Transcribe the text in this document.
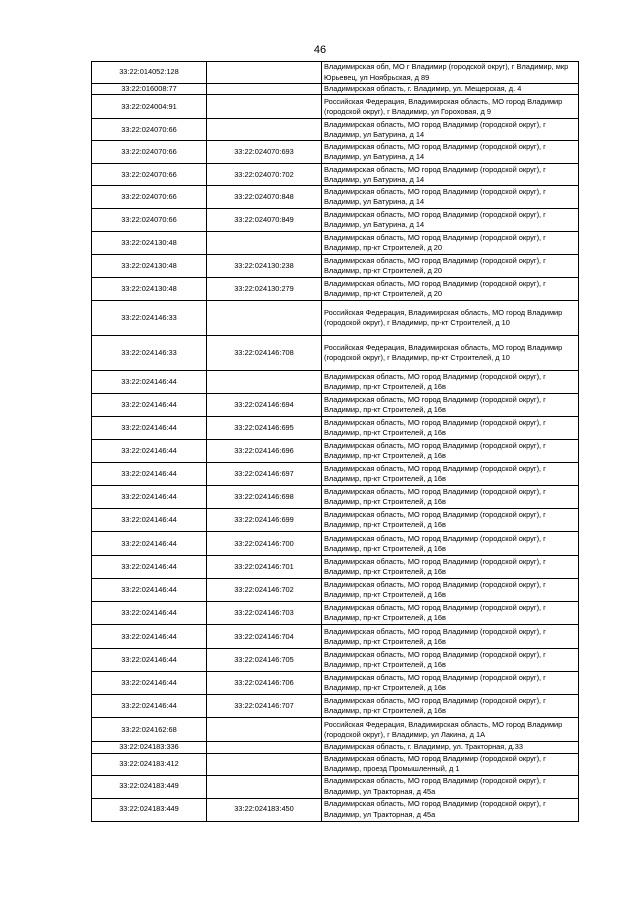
46
33:22:014052:128		Владимирская обл, МО г Владимир (городской округ), г Владимир, мкр Юрьевец, ул Ноябрьская, д 89
33:22:016008:77		Владимирская область, г. Владимир, ул. Мещерская, д. 4
33:22:024004:91		Российская Федерация, Владимирская область, МО город Владимир (городской округ), г Владимир, ул Гороховая, д 9
33:22:024070:66		Владимирская область, МО город Владимир (городской округ), г Владимир, ул Батурина, д 14
33:22:024070:66	33:22:024070:693	Владимирская область, МО город Владимир (городской округ), г Владимир, ул Батурина, д 14
33:22:024070:66	33:22:024070:702	Владимирская область, МО город Владимир (городской округ), г Владимир, ул Батурина, д 14
33:22:024070:66	33:22:024070:848	Владимирская область, МО город Владимир (городской округ), г Владимир, ул Батурина, д 14
33:22:024070:66	33:22:024070:849	Владимирская область, МО город Владимир (городской округ), г Владимир, ул Батурина, д 14
33:22:024130:48		Владимирская область, МО город Владимир (городской округ), г Владимир, пр-кт Строителей, д 20
33:22:024130:48	33:22:024130:238	Владимирская область, МО город Владимир (городской округ), г Владимир, пр-кт Строителей, д 20
33:22:024130:48	33:22:024130:279	Владимирская область, МО город Владимир (городской округ), г Владимир, пр-кт Строителей, д 20
33:22:024146:33		Российская Федерация, Владимирская область, МО город Владимир (городской округ), г Владимир, пр-кт Строителей, д 10
33:22:024146:33	33:22:024146:708	Российская Федерация, Владимирская область, МО город Владимир (городской округ), г Владимир, пр-кт Строителей, д 10
33:22:024146:44		Владимирская область, МО город Владимир (городской округ), г Владимир, пр-кт Строителей, д 16в
33:22:024146:44	33:22:024146:694	Владимирская область, МО город Владимир (городской округ), г Владимир, пр-кт Строителей, д 16в
33:22:024146:44	33:22:024146:695	Владимирская область, МО город Владимир (городской округ), г Владимир, пр-кт Строителей, д 16в
33:22:024146:44	33:22:024146:696	Владимирская область, МО город Владимир (городской округ), г Владимир, пр-кт Строителей, д 16в
33:22:024146:44	33:22:024146:697	Владимирская область, МО город Владимир (городской округ), г Владимир, пр-кт Строителей, д 16в
33:22:024146:44	33:22:024146:698	Владимирская область, МО город Владимир (городской округ), г Владимир, пр-кт Строителей, д 16в
33:22:024146:44	33:22:024146:699	Владимирская область, МО город Владимир (городской округ), г Владимир, пр-кт Строителей, д 16в
33:22:024146:44	33:22:024146:700	Владимирская область, МО город Владимир (городской округ), г Владимир, пр-кт Строителей, д 16в
33:22:024146:44	33:22:024146:701	Владимирская область, МО город Владимир (городской округ), г Владимир, пр-кт Строителей, д 16в
33:22:024146:44	33:22:024146:702	Владимирская область, МО город Владимир (городской округ), г Владимир, пр-кт Строителей, д 16в
33:22:024146:44	33:22:024146:703	Владимирская область, МО город Владимир (городской округ), г Владимир, пр-кт Строителей, д 16в
33:22:024146:44	33:22:024146:704	Владимирская область, МО город Владимир (городской округ), г Владимир, пр-кт Строителей, д 16в
33:22:024146:44	33:22:024146:705	Владимирская область, МО город Владимир (городской округ), г Владимир, пр-кт Строителей, д 16в
33:22:024146:44	33:22:024146:706	Владимирская область, МО город Владимир (городской округ), г Владимир, пр-кт Строителей, д 16в
33:22:024146:44	33:22:024146:707	Владимирская область, МО город Владимир (городской округ), г Владимир, пр-кт Строителей, д 16в
33:22:024162:68		Российская Федерация, Владимирская область, МО город Владимир (городской округ), г Владимир, ул Лакина, д 1А
33:22:024183:336		Владимирская область, г. Владимир, ул. Тракторная, д.33
33:22:024183:412		Владимирская область, МО город Владимир (городской округ), г Владимир, проезд Промышленный, д 1
33:22:024183:449		Владимирская область, МО город Владимир (городской округ), г Владимир, ул Тракторная, д 45а
33:22:024183:449	33:22:024183:450	Владимирская область, МО город Владимир (городской округ), г Владимир, ул Тракторная, д 45а
